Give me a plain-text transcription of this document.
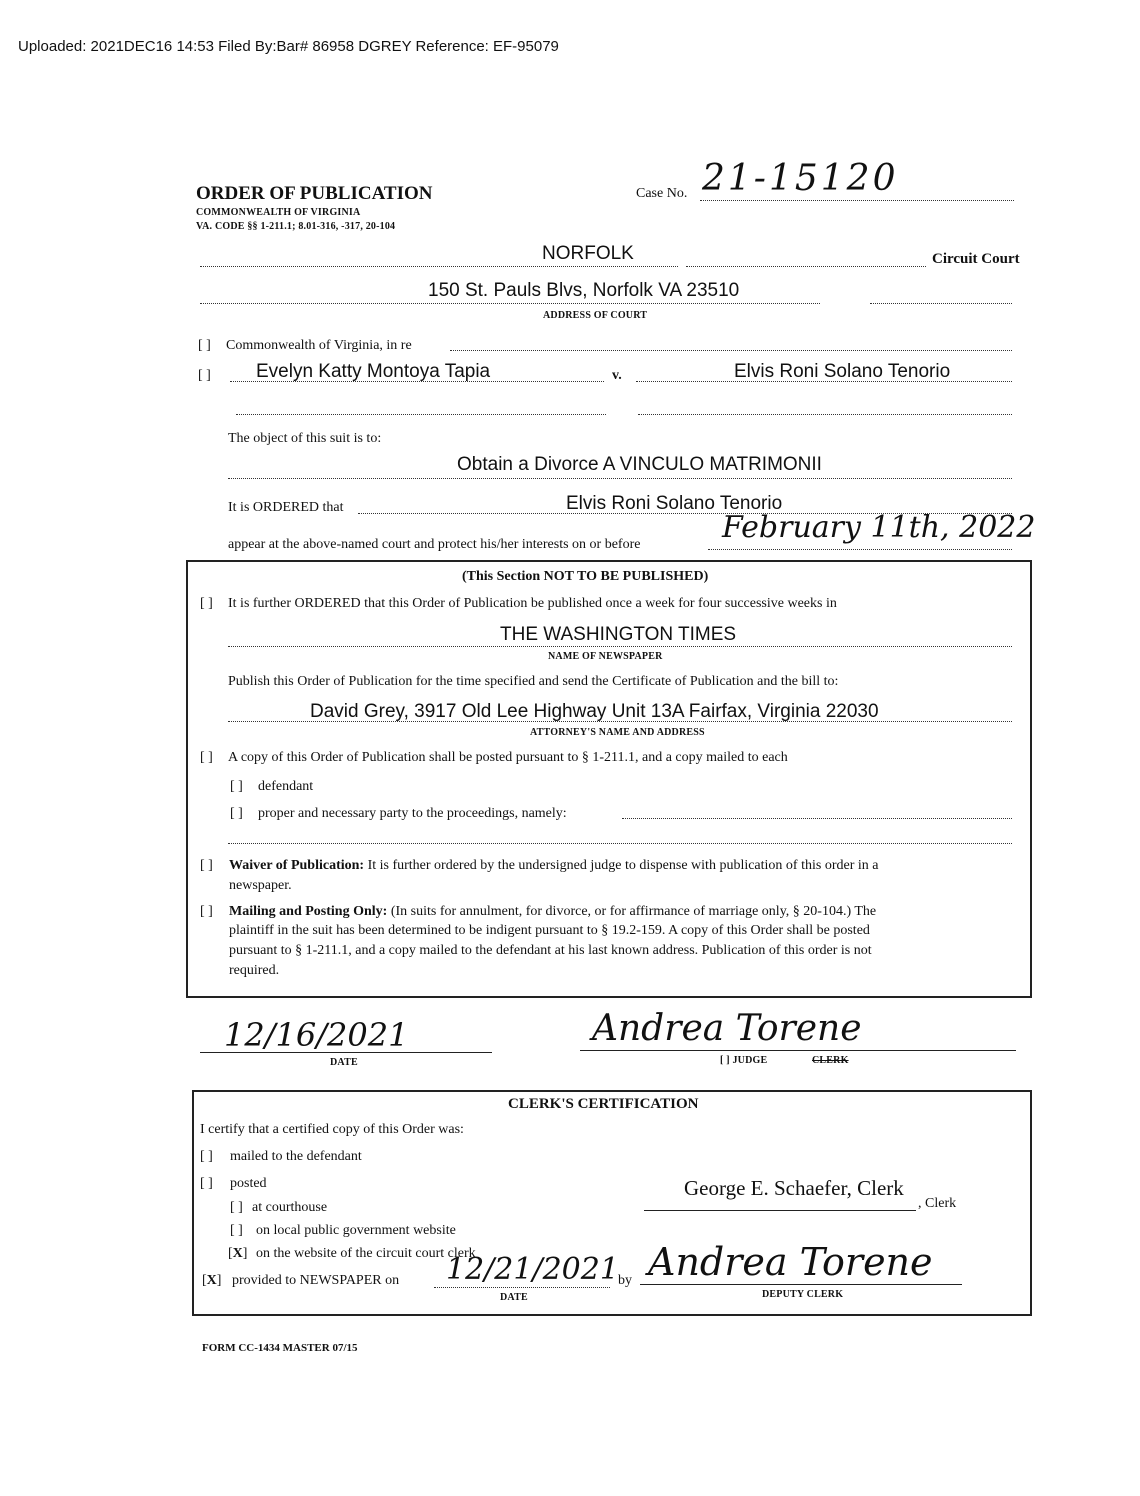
Uploaded: 2021DEC16 14:53 Filed By:Bar# 86958 DGREY Reference: EF-95079
ORDER OF PUBLICATION
COMMONWEALTH OF VIRGINIA
VA. CODE §§ 1-211.1; 8.01-316, -317, 20-104
Case No. 21-15120
NORFOLK	Circuit Court
150 St. Pauls Blvs, Norfolk VA 23510
ADDRESS OF COURT
[ ] Commonwealth of Virginia, in re
[ ] Evelyn Katty Montoya Tapia	v.	Elvis Roni Solano Tenorio
The object of this suit is to:
Obtain a Divorce A VINCULO MATRIMONII
It is ORDERED that	Elvis Roni Solano Tenorio
appear at the above-named court and protect his/her interests on or before	February 11th, 2022
(This Section NOT TO BE PUBLISHED)
[ ] It is further ORDERED that this Order of Publication be published once a week for four successive weeks in
THE WASHINGTON TIMES
NAME OF NEWSPAPER
Publish this Order of Publication for the time specified and send the Certificate of Publication and the bill to:
David Grey, 3917 Old Lee Highway Unit 13A Fairfax, Virginia 22030
ATTORNEY'S NAME AND ADDRESS
[ ] A copy of this Order of Publication shall be posted pursuant to § 1-211.1, and a copy mailed to each
[ ] defendant
[ ] proper and necessary party to the proceedings, namely:
[ ] Waiver of Publication: It is further ordered by the undersigned judge to dispense with publication of this order in a
newspaper.
[ ] Mailing and Posting Only: (In suits for annulment, for divorce, or for affirmance of marriage only, § 20-104.) The
plaintiff in the suit has been determined to be indigent pursuant to § 19.2-159. A copy of this Order shall be posted
pursuant to § 1-211.1, and a copy mailed to the defendant at his last known address. Publication of this order is not
required.
12/16/2021
DATE
Andrea Torene
[ ] JUDGE	CLERK
CLERK'S CERTIFICATION
I certify that a certified copy of this Order was:
[ ] mailed to the defendant
[ ] posted
[ ] at courthouse
[ ] on local public government website
[X] on the website of the circuit court clerk
[X] provided to NEWSPAPER on 12/21/2021
DATE
by
George E. Schaefer, Clerk
, Clerk
Andrea Torene
DEPUTY CLERK
FORM CC-1434 MASTER 07/15
